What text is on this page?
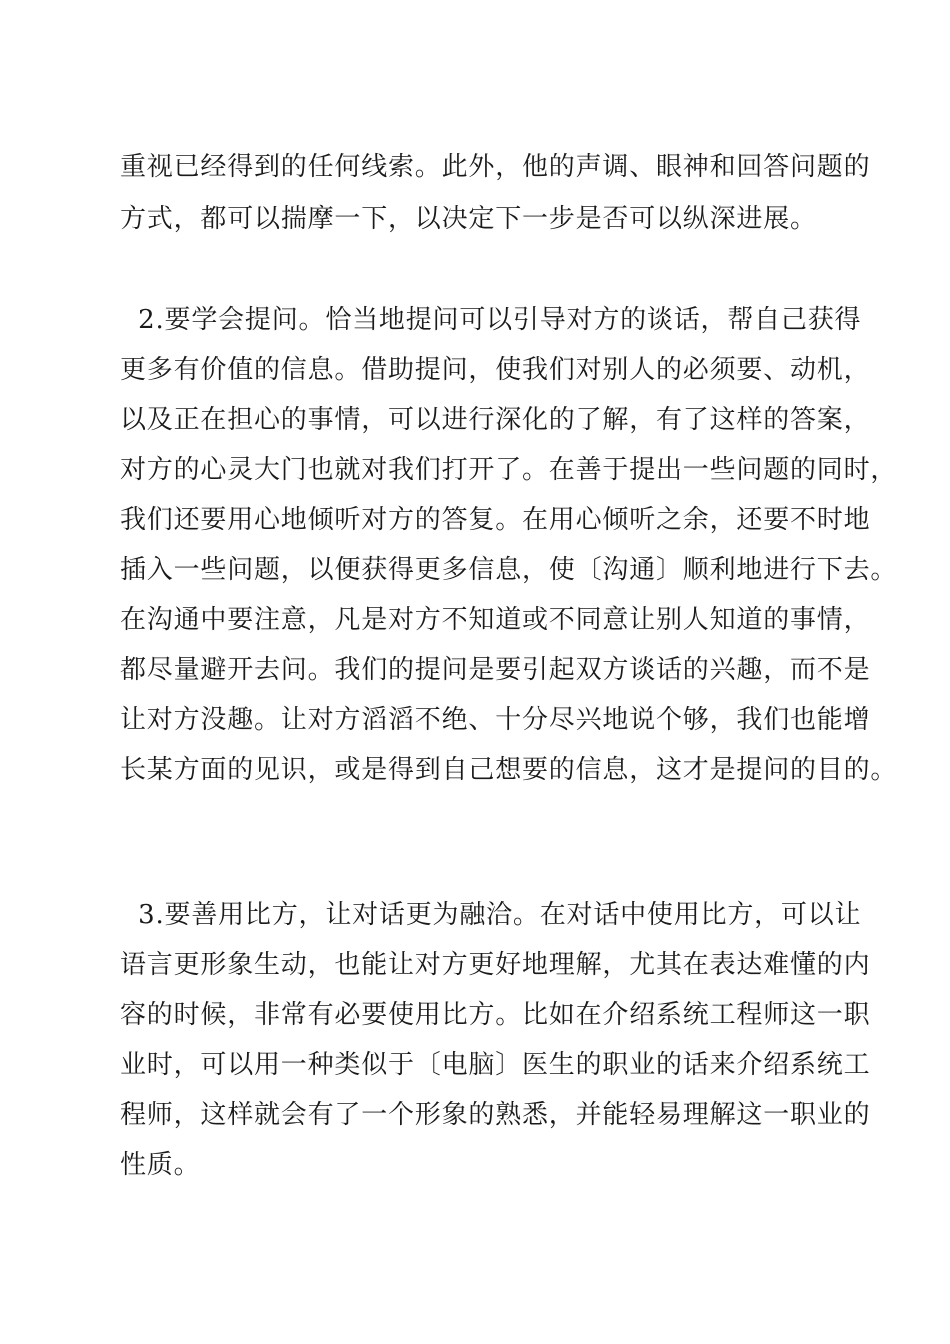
重视已经得到的任何线索。此外，他的声调、眼神和回答问题的
方式，都可以揣摩一下，以决定下一步是否可以纵深进展。
2.要学会提问。恰当地提问可以引导对方的谈话，帮自己获得
更多有价值的信息。借助提问，使我们对别人的必须要、动机，
以及正在担心的事情，可以进行深化的了解，有了这样的答案，
对方的心灵大门也就对我们打开了。在善于提出一些问题的同时，
我们还要用心地倾听对方的答复。在用心倾听之余，还要不时地
插入一些问题，以便获得更多信息，使〔沟通〕顺利地进行下去。
在沟通中要注意，凡是对方不知道或不同意让别人知道的事情，
都尽量避开去问。我们的提问是要引起双方谈话的兴趣，而不是
让对方没趣。让对方滔滔不绝、十分尽兴地说个够，我们也能增
长某方面的见识，或是得到自己想要的信息，这才是提问的目的。
3.要善用比方，让对话更为融洽。在对话中使用比方，可以让
语言更形象生动，也能让对方更好地理解，尤其在表达难懂的内
容的时候，非常有必要使用比方。比如在介绍系统工程师这一职
业时，可以用一种类似于〔电脑〕医生的职业的话来介绍系统工
程师，这样就会有了一个形象的熟悉，并能轻易理解这一职业的
性质。
